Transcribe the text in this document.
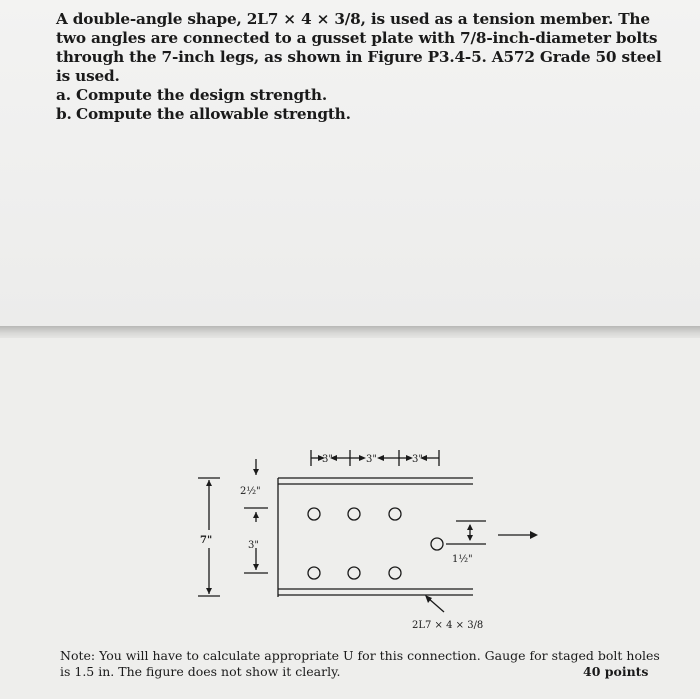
A double-angle shape, 2L7 × 4 × 3/8, is used as a tension member. The two angles are connected to a gusset plate with 7/8-inch-diameter bolts through the 7-inch legs, as shown in Figure P3.4-5. A572 Grade 50 steel is used.

a. Compute the design strength.

b. Compute the allowable strength.

3"	3"	3"
2½"
3"
7"
1½"
2L7 × 4 × 3/8

Note: You will have to calculate appropriate U for this connection. Gauge for staged bolt holes is 1.5 in. The figure does not show it clearly.	40 points
